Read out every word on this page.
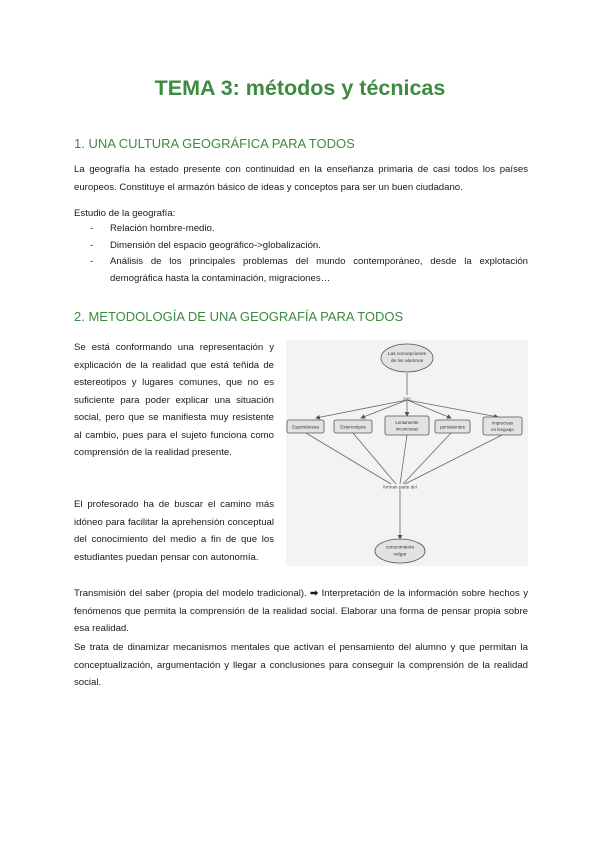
TEMA 3: métodos y técnicas
1. UNA CULTURA GEOGRÁFICA PARA TODOS

La geografía ha estado presente con continuidad en la enseñanza primaria de casi todos los países europeos. Constituye el armazón básico de ideas y conceptos para ser un buen ciudadano.

Estudio de la geografía:

- Relación hombre-medio.
- Dimensión del espacio geográfico->globalización.
- Análisis de los principales problemas del mundo contemporáneo, desde la explotación demográfica hasta la contaminación, migraciones…
2. METODOLOGÍA DE UNA GEOGRAFÍA PARA TODOS

Se está conformando una representación y explicación de la realidad que está teñida de estereotipos y lugares comunes, que no es suficiente para poder explicar una situación social, pero que se manifiesta muy resistente al cambio, pues para el sujeto funciona como comprensión de la realidad presente.

El profesorado ha de buscar el camino más idóneo para facilitar la aprehensión conceptual del conocimiento del medio a fin de que los estudiantes puedan pensar con autonomía.

Las concepciones
de los alumnos
son
Espontáneas	Estereotipos
Lentamente
inconcretas	persistentes
Imprecisas
en lenguaje
forman parte del
conocimiento
vulgar

Transmisión del saber (propia del modelo tradicional). ➡ Interpretación de la información sobre hechos y fenómenos que permita la comprensión de la realidad social. Elaborar una forma de pensar propia sobre esa realidad.

Se trata de dinamizar mecanismos mentales que activan el pensamiento del alumno y que permitan la conceptualización, argumentación y llegar a conclusiones para conseguir la comprensión de la realidad social.
